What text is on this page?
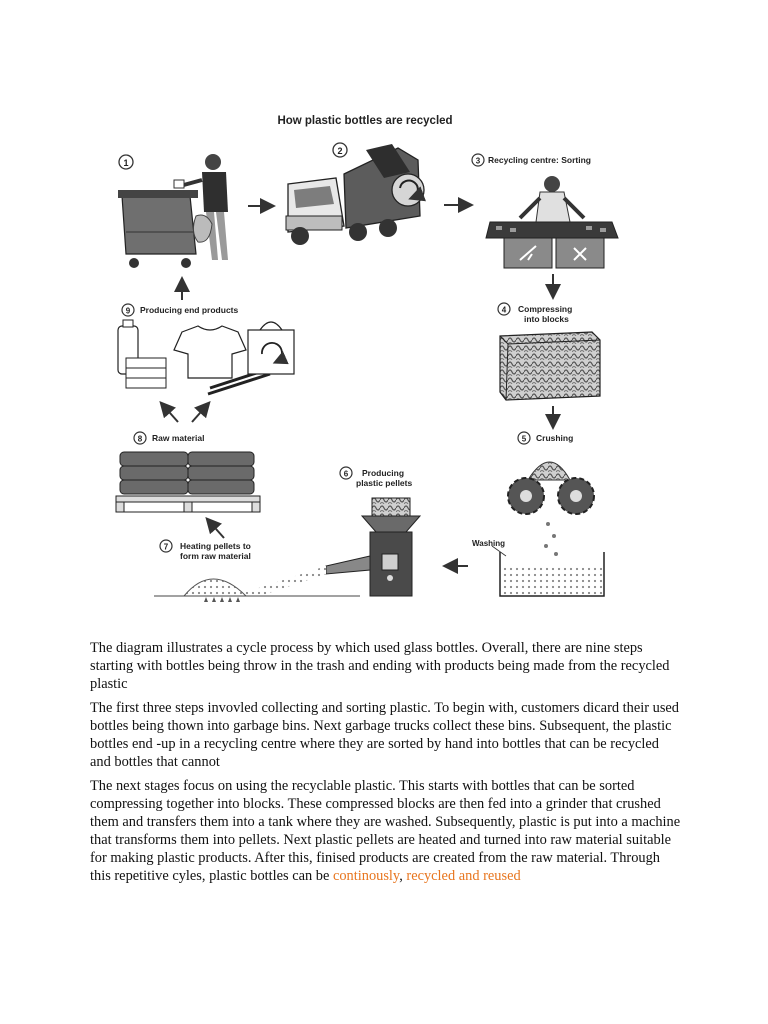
How plastic bottles are recycled
1
2
3 Recycling centre: Sorting
4 Compressing
into blocks
5 Crushing
Washing
6 Producing
plastic pellets
7 Heating pellets to
form raw material
8 Raw material
9 Producing end products

The diagram illustrates a cycle process by which used glass bottles. Overall, there are nine steps starting with bottles being throw in the trash and ending with products being made from the recycled plastic

The first three steps invovled collecting and sorting plastic. To begin with, customers dicard their used bottles being thown into garbage bins. Next garbage trucks collect these bins. Subsequent, the plastic bottles end -up in a recycling centre where they are sorted by hand into bottles that can be recycled and bottles that cannot

The next stages focus on using the recyclable plastic. This starts with bottles that can be sorted compressing together into blocks. These compressed blocks are then fed into a grinder that crushed them and transfers them into a tank where they are washed. Subsequently, plastic is put into a machine that transforms them into pellets. Next plastic pellets are heated and turned into raw material suitable for making plastic products. After this, finised products are created from the raw material. Through this repetitive cyles, plastic bottles can be continously, recycled and reused
